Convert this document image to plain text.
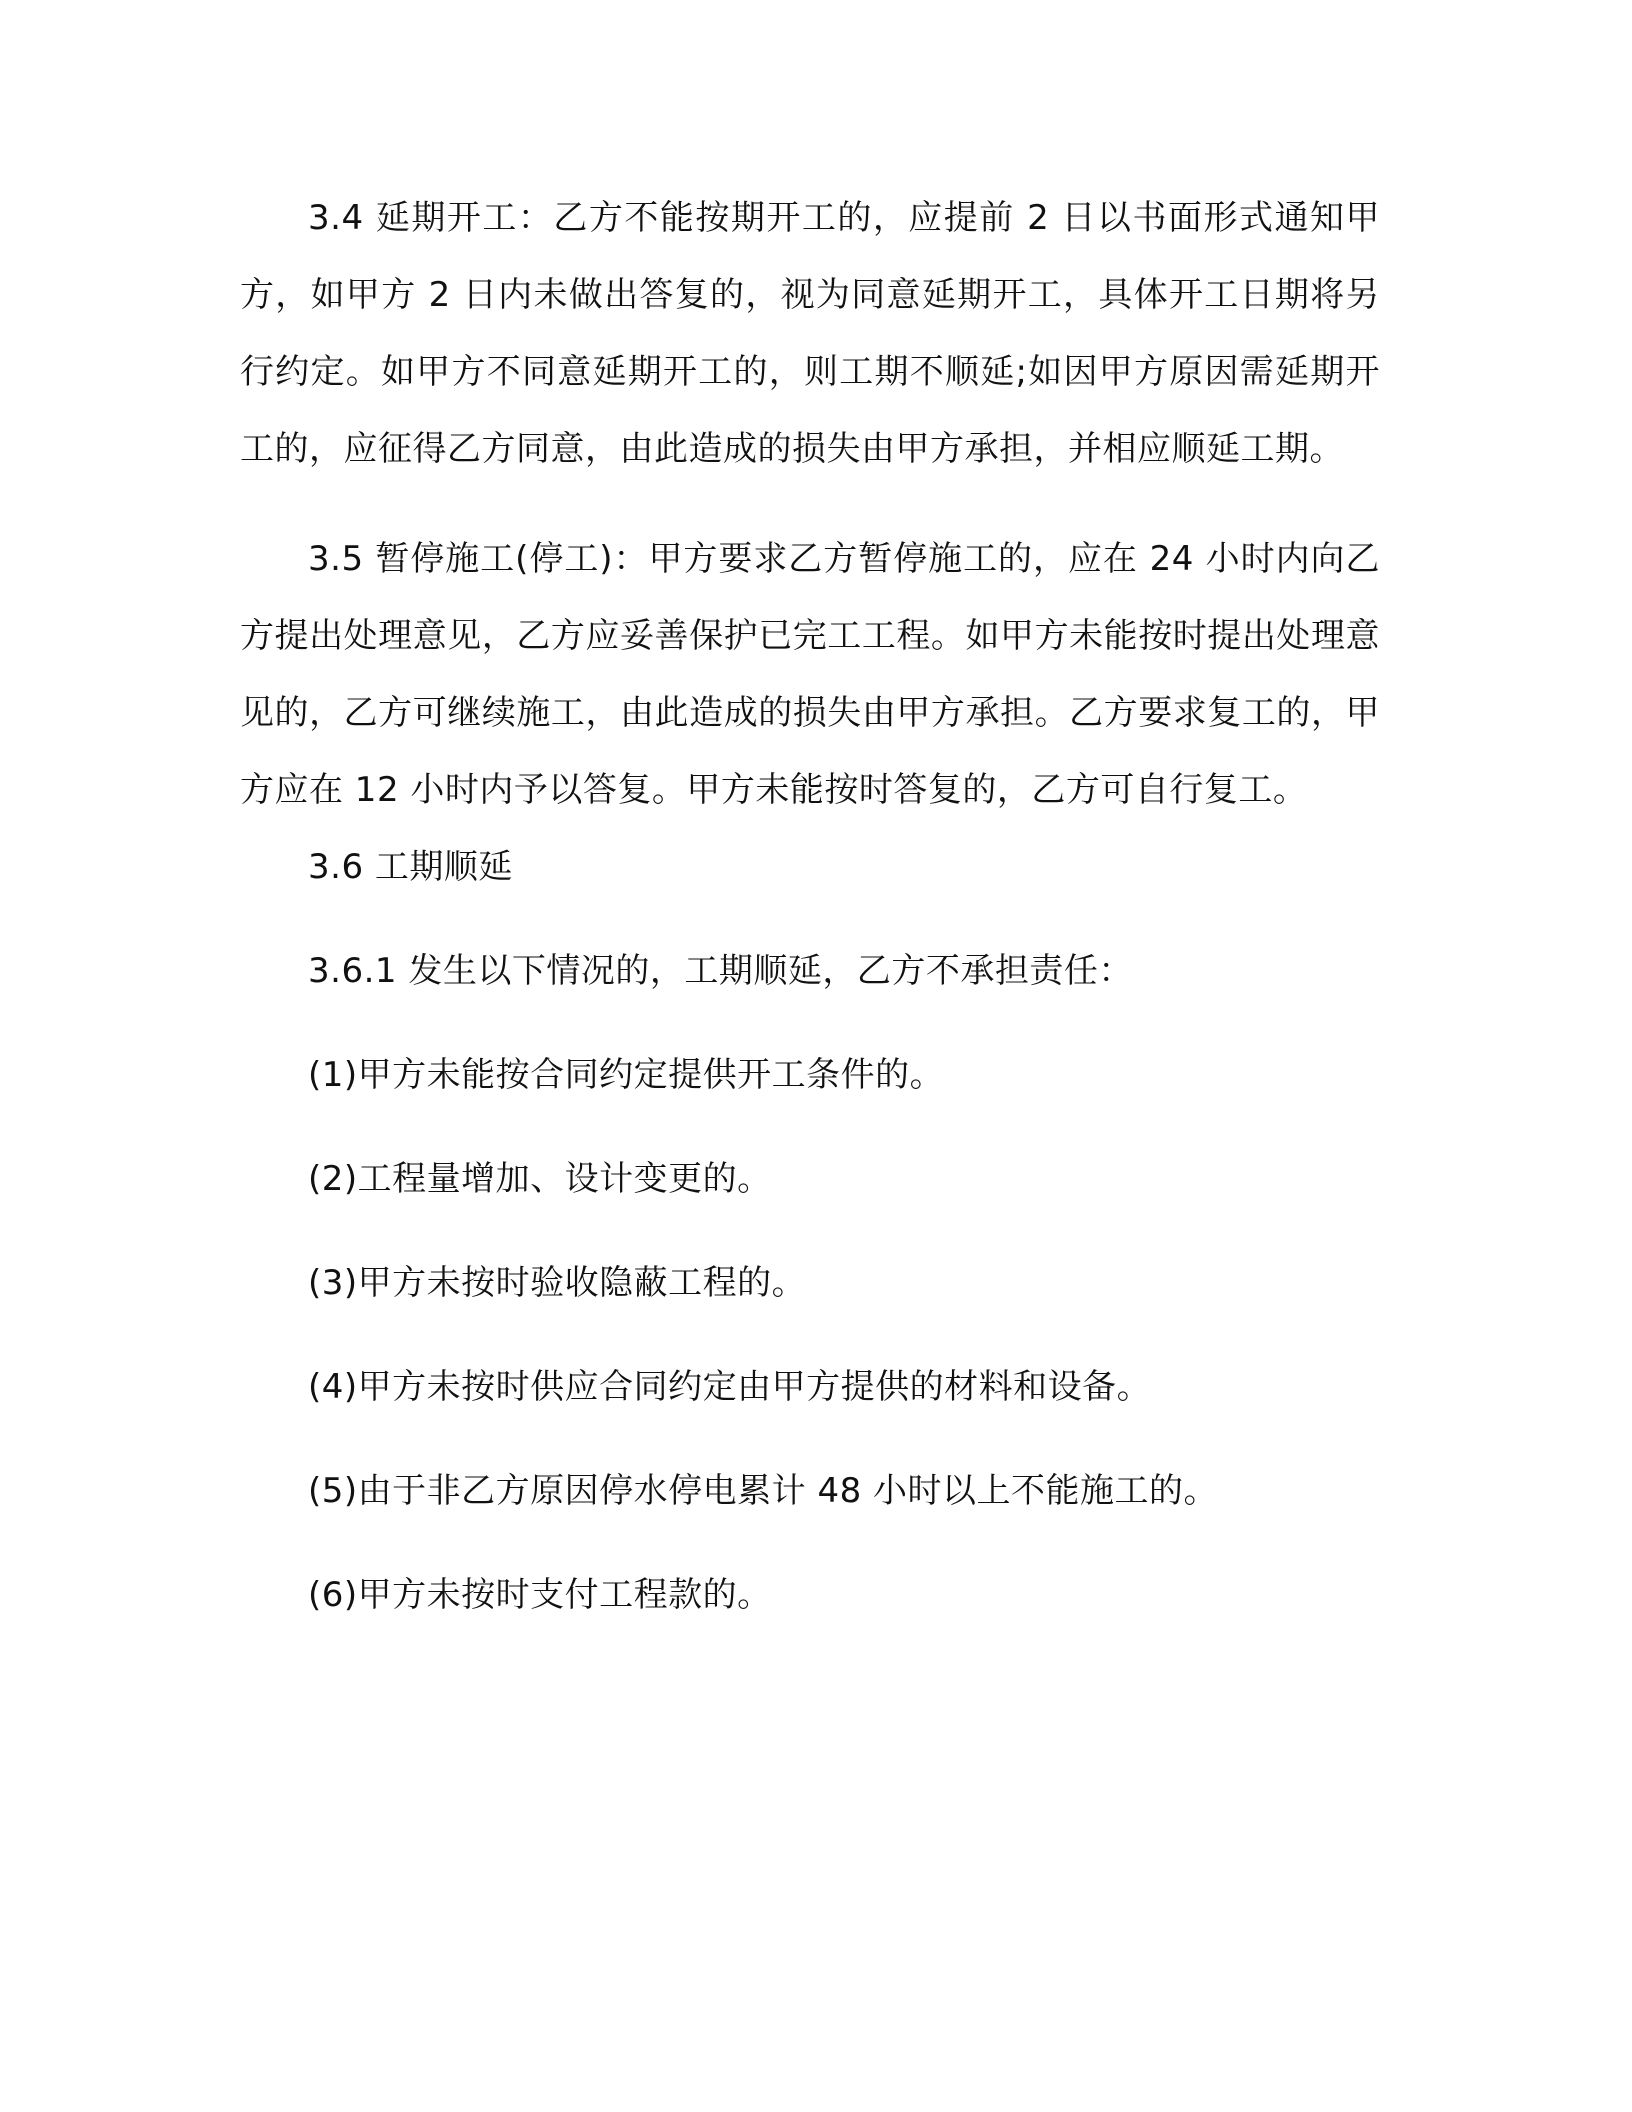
3.4 延期开工：乙方不能按期开工的，应提前 2 日以书面形式通知甲方，如甲方 2 日内未做出答复的，视为同意延期开工，具体开工日期将另行约定。如甲方不同意延期开工的，则工期不顺延;如因甲方原因需延期开工的，应征得乙方同意，由此造成的损失由甲方承担，并相应顺延工期。

3.5 暂停施工(停工)：甲方要求乙方暂停施工的，应在 24 小时内向乙方提出处理意见，乙方应妥善保护已完工工程。如甲方未能按时提出处理意见的，乙方可继续施工，由此造成的损失由甲方承担。乙方要求复工的，甲方应在 12 小时内予以答复。甲方未能按时答复的，乙方可自行复工。

3.6 工期顺延

3.6.1 发生以下情况的，工期顺延，乙方不承担责任：

(1)甲方未能按合同约定提供开工条件的。

(2)工程量增加、设计变更的。

(3)甲方未按时验收隐蔽工程的。

(4)甲方未按时供应合同约定由甲方提供的材料和设备。

(5)由于非乙方原因停水停电累计 48 小时以上不能施工的。

(6)甲方未按时支付工程款的。
